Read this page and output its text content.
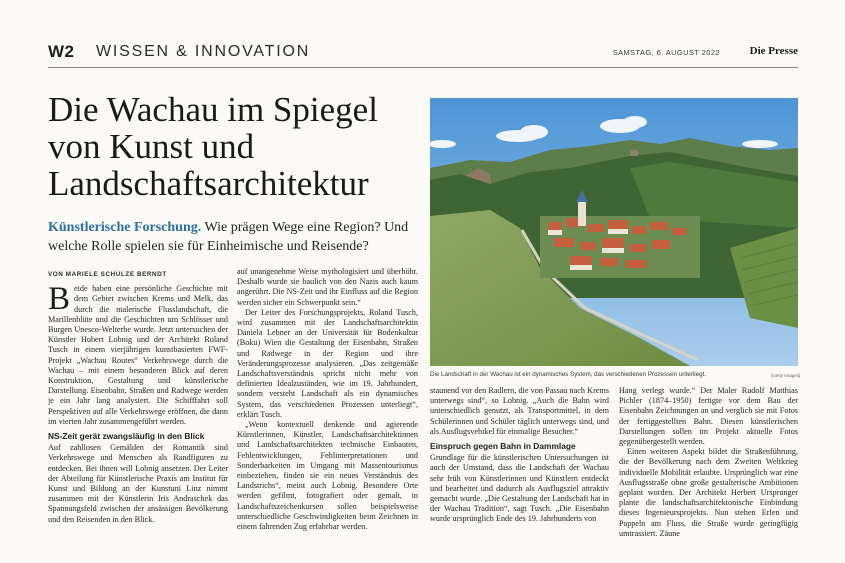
W2 WISSEN & INNOVATION	SAMSTAG, 6. AUGUST 2022	Die Presse
Die Wachau im Spiegel von Kunst und Landschaftsarchitektur
Künstlerische Forschung. Wie prägen Wege eine Region? Und welche Rolle spielen sie für Einheimische und Reisende?
Die Landschaft in der Wachau ist ein dynamisches System, das verschiedenen Prozessen unterliegt.	[Getty Images]
VON MARIELE SCHULZE BERNDT
B eide haben eine persönliche Geschichte mit dem Gebiet zwischen Krems und Melk, das durch die malerische Flusslandschaft, die Marillenblüte und die Geschichten um Schlösser und Burgen Unesco-Welterbe wurde. Jetzt untersuchen der Künstler Hubert Lobnig und der Architekt Roland Tusch in einem vierjährigen kunstbasierten FWF-Projekt „Wachau Routes“ Verkehrswege durch die Wachau – mit einem besonderen Blick auf deren Konstruktion, Gestaltung und künstlerische Darstellung. Eisenbahn, Straßen und Radwege werden je ein Jahr lang analysiert. Die Schifffahrt soll Perspektiven auf alle Verkehrswege eröffnen, die dann im vierten Jahr zusammengeführt werden.

NS-Zeit gerät zwangsläufig in den Blick

Auf zahllosen Gemälden der Romantik sind Verkehrswege und Menschen als Randfiguren zu entdecken. Bei ihnen will Lobnig ansetzen. Der Leiter der Abteilung für Künstlerische Praxis am Institut für Kunst und Bildung an der Kunstuni Linz nimmt zusammen mit der Künstlerin Iris Andraschek das Spannungsfeld zwischen der ansässigen Bevölkerung und den Reisenden in den Blick.

auf unangenehme Weise mythologisiert und überhöht. Deshalb wurde sie baulich von den Nazis auch kaum angerührt. Die NS-Zeit und ihr Einfluss auf die Region werden sicher ein Schwerpunkt sein.“

Der Leiter des Forschungsprojekts, Roland Tusch, wird zusammen mit der Landschaftsarchitektin Daniela Lehner an der Universität für Bodenkultur (Boku) Wien die Gestaltung der Eisenbahn, Straßen und Radwege in der Region und ihre Veränderungsprozesse analysieren. „Das zeitgemäße Landschaftsverständnis spricht nicht mehr von definierten Idealzuständen, wie im 19. Jahrhundert, sondern versteht Landschaft als ein dynamisches System, das verschiedenen Prozessen unterliegt“, erklärt Tusch.

„Wenn kontextuell denkende und agierende Künstlerinnen, Künstler, Landschaftsarchitektinnen und Landschaftsarchitekten technische Einbauten, Fehlentwicklungen, Fehlinterpretationen und Sonderbarkeiten im Umgang mit Massentourismus einbeziehen, finden sie ein neues Verständnis des Landstrichs“, meint auch Lobnig. Besondere Orte werden gefilmt, fotografiert oder gemalt, in Landschaftszeichenkursen sollen beispielsweise unterschiedliche Geschwindigkeiten beim Zeichnen in einem fahrenden Zug erfahrbar werden.

staunend vor den Radlern, die von Passau nach Krems unterwegs sind“, so Lobnig. „Auch die Bahn wird unterschiedlich genutzt, als Transportmittel, in dem Schülerinnen und Schüler täglich unterwegs sind, und als Ausflugsvehikel für einmalige Besucher.“

Einspruch gegen Bahn in Dammlage

Grundlage für die künstlerischen Untersuchungen ist auch der Umstand, dass die Landschaft der Wachau sehr früh von Künstlerinnen und Künstlern entdeckt und bearbeitet und dadurch als Ausflugsziel attraktiv gemacht wurde. „Die Gestaltung der Landschaft hat in der Wachau Tradition“, sagt Tusch. „Die Eisenbahn wurde ursprünglich Ende des 19. Jahrhunderts von

Hang verlegt wurde.“ Der Maler Rudolf Matthias Pichler (1874–1950) fertigte vor dem Bau der Eisenbahn Zeichnungen an und verglich sie mit Fotos der fertiggestellten Bahn. Diesen künstlerischen Darstellungen sollen im Projekt aktuelle Fotos gegenübergestellt werden.

Einen weiteren Aspekt bildet die Straßenführung, die der Bevölkerung nach dem Zweiten Weltkrieg individuelle Mobilität erlaubte. Ursprünglich war eine Ausflugsstraße ohne große gestalterische Ambitionen geplant worden. Der Architekt Herbert Ursprunger plante die landschaftsarchitektonische Einbindung dieses Ingenieursprojekts. Nun stehen Erlen und Pappeln am Fluss, die Straße wurde geringfügig umtrassiert. Zäune
